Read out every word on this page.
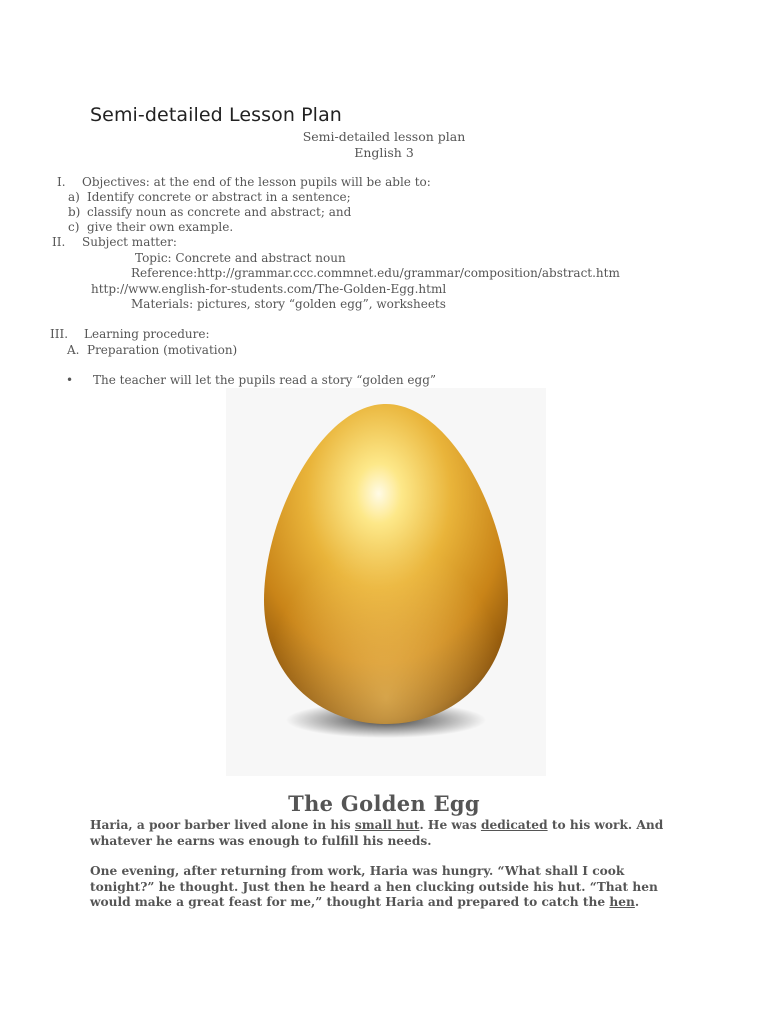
Semi-detailed Lesson Plan
Semi-detailed lesson plan
English 3
I. Objectives: at the end of the lesson pupils will be able to:
a) Identify concrete or abstract in a sentence;
b) classify noun as concrete and abstract; and
c) give their own example.
II. Subject matter:
Topic: Concrete and abstract noun
Reference:http://grammar.ccc.commnet.edu/grammar/composition/abstract.htm
http://www.english-for-students.com/The-Golden-Egg.html
Materials: pictures, story “golden egg”, worksheets
III. Learning procedure:
A. Preparation (motivation)
• The teacher will let the pupils read a story “golden egg”
The Golden Egg

Haria, a poor barber lived alone in his small hut. He was dedicated to his work. And whatever he earns was enough to fulfill his needs.

One evening, after returning from work, Haria was hungry. “What shall I cook tonight?” he thought. Just then he heard a hen clucking outside his hut. “That hen would make a great feast for me,” thought Haria and prepared to catch the hen.
